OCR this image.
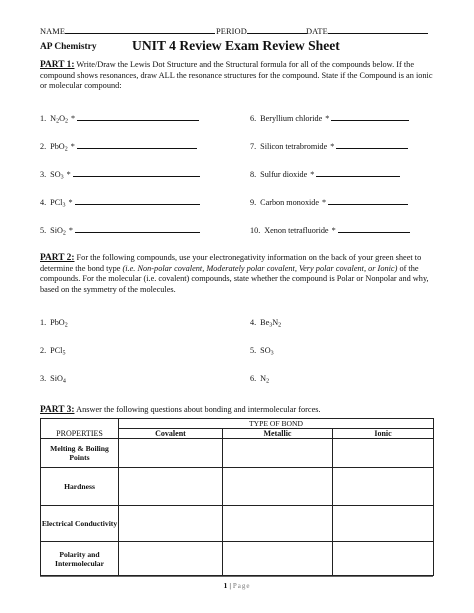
NAME	PERIOD	DATE
AP Chemistry	UNIT 4 Review Exam Review Sheet
PART 1: Write/Draw the Lewis Dot Structure and the Structural formula for all of the compounds below. If the compound shows resonances, draw ALL the resonance structures for the compound. State if the Compound is an ionic or molecular compound:
1. $N_2O_2$ *
2. PbO$_2$ *
3. $SO_3$ *
4. PCl$_3$ *
5. SiO$_2$ *
6. Beryllium chloride *
7. Silicon tetrabromide *
8. Sulfur dioxide *
9. Carbon monoxide *
10. Xenon tetrafluoride *
PART 2: For the following compounds, use your electronegativity information on the back of your green sheet to determine the bond type (i.e. Non-polar covalent, Moderately polar covalent, Very polar covalent, or Ionic) of the compounds. For the molecular (i.e. covalent) compounds, state whether the compound is Polar or Nonpolar and why, based on the symmetry of the molecules.
1. PbO$_2$
2. PCl$_5$
3. SiO$_4$
4. $Be_3N_2$
5. $SO_3$
6. $N_2$
PART 3: Answer the following questions about bonding and intermolecular forces.
	TYPE OF BOND		
PROPERTIES	Covalent	Metallic	Ionic
Melting & Boiling Points			
Hardness			
Electrical Conductivity			
Polarity and Intermolecular			
1 | Page
